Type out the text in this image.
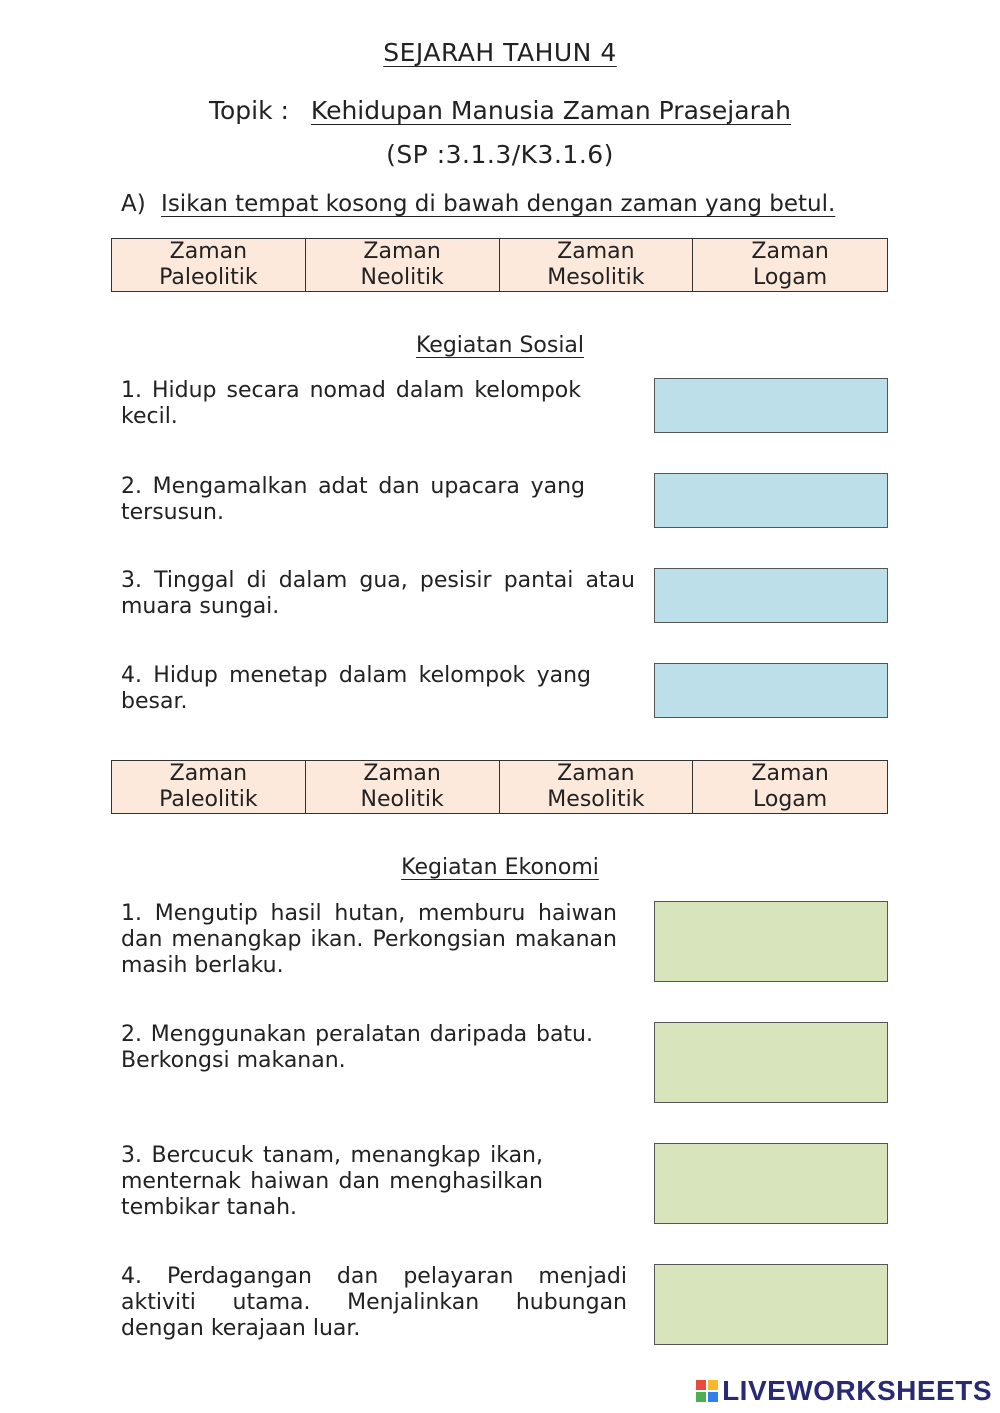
SEJARAH TAHUN 4
Topik : Kehidupan Manusia Zaman Prasejarah
(SP :3.1.3/K3.1.6)
A) Isikan tempat kosong di bawah dengan zaman yang betul.
Zaman
Paleolitik
Zaman
Neolitik
Zaman
Mesolitik
Zaman
Logam
Kegiatan Sosial
1. Hidup secara nomad dalam kelompok kecil.
2. Mengamalkan adat dan upacara yang tersusun.
3. Tinggal di dalam gua, pesisir pantai atau muara sungai.
4. Hidup menetap dalam kelompok yang besar.
Zaman
Paleolitik
Zaman
Neolitik
Zaman
Mesolitik
Zaman
Logam
Kegiatan Ekonomi
1. Mengutip hasil hutan, memburu haiwan dan menangkap ikan. Perkongsian makanan masih berlaku.
2. Menggunakan peralatan daripada batu. Berkongsi makanan.
3. Bercucuk tanam, menangkap ikan, menternak haiwan dan menghasilkan tembikar tanah.
4. Perdagangan dan pelayaran menjadi aktiviti utama. Menjalinkan hubungan dengan kerajaan luar.
LIVEWORKSHEETS
